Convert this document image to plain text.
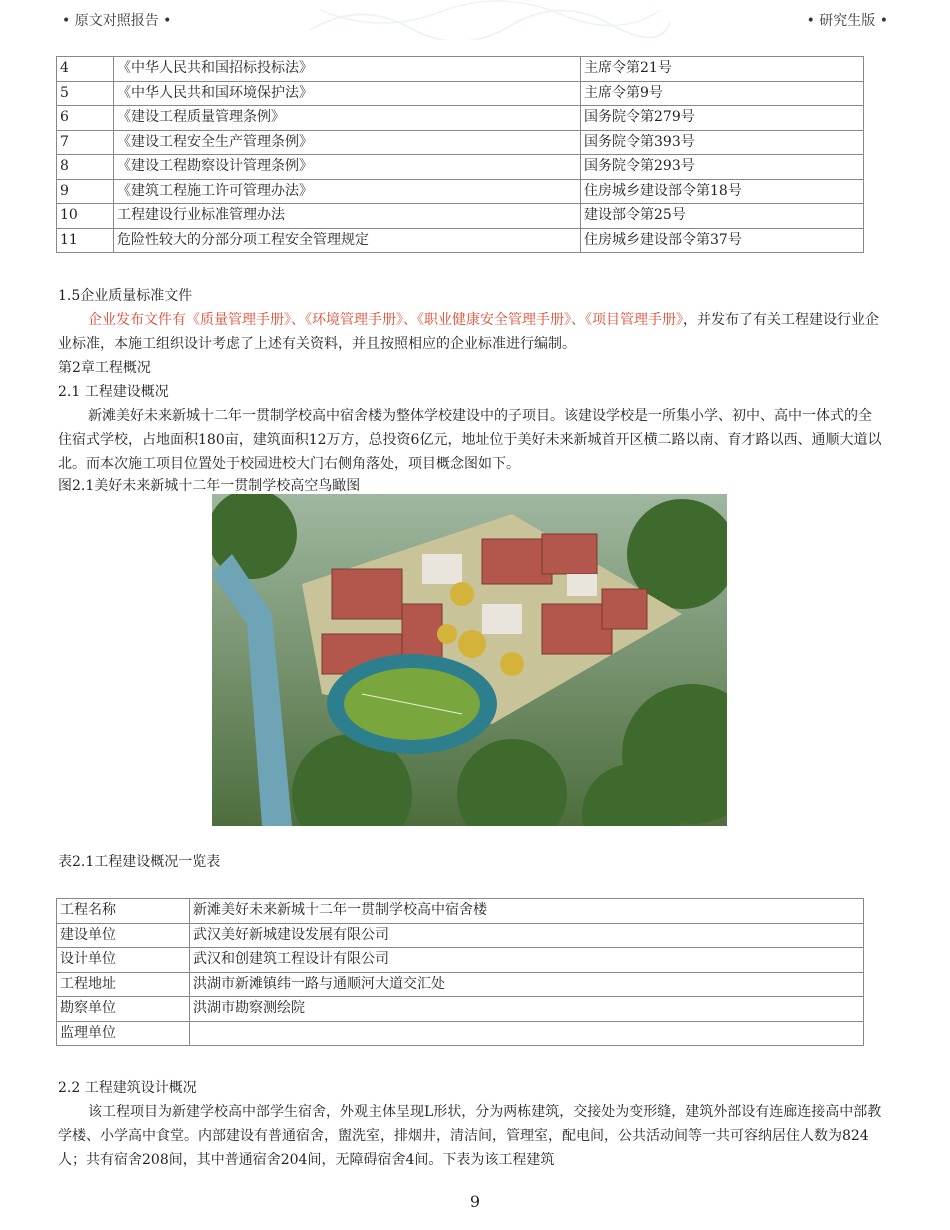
• 原文对照报告 •	• 研究生版 •
4	《中华人民共和国招标投标法》	主席令第21号
5	《中华人民共和国环境保护法》	主席令第9号
6	《建设工程质量管理条例》	国务院令第279号
7	《建设工程安全生产管理条例》	国务院令第393号
8	《建设工程勘察设计管理条例》	国务院令第293号
9	《建筑工程施工许可管理办法》	住房城乡建设部令第18号
10	工程建设行业标准管理办法	建设部令第25号
11	危险性较大的分部分项工程安全管理规定	住房城乡建设部令第37号

1.5企业质量标准文件

企业发布文件有《质量管理手册》、《环境管理手册》、《职业健康安全管理手册》、《项目管理手册》，并发布了有关工程建设行业企业标准，本施工组织设计考虑了上述有关资料，并且按照相应的企业标准进行编制。

第2章工程概况

2.1 工程建设概况

新滩美好未来新城十二年一贯制学校高中宿舍楼为整体学校建设中的子项目。该建设学校是一所集小学、初中、高中一体式的全住宿式学校，占地面积180亩，建筑面积12万方，总投资6亿元，地址位于美好未来新城首开区横二路以南、育才路以西、通顺大道以北。而本次施工项目位置处于校园进校大门右侧角落处，项目概念图如下。

图2.1美好未来新城十二年一贯制学校高空鸟瞰图

表2.1工程建设概况一览表

工程名称	新滩美好未来新城十二年一贯制学校高中宿舍楼
建设单位	武汉美好新城建设发展有限公司
设计单位	武汉和创建筑工程设计有限公司
工程地址	洪湖市新滩镇纬一路与通顺河大道交汇处
勘察单位	洪湖市勘察测绘院
监理单位	

2.2 工程建筑设计概况

该工程项目为新建学校高中部学生宿舍，外观主体呈现L形状，分为两栋建筑，交接处为变形缝，建筑外部设有连廊连接高中部教学楼、小学高中食堂。内部建设有普通宿舍，盥洗室，排烟井，清洁间，管理室，配电间，公共活动间等一共可容纳居住人数为824人；共有宿舍208间，其中普通宿舍204间，无障碍宿舍4间。下表为该工程建筑

9
